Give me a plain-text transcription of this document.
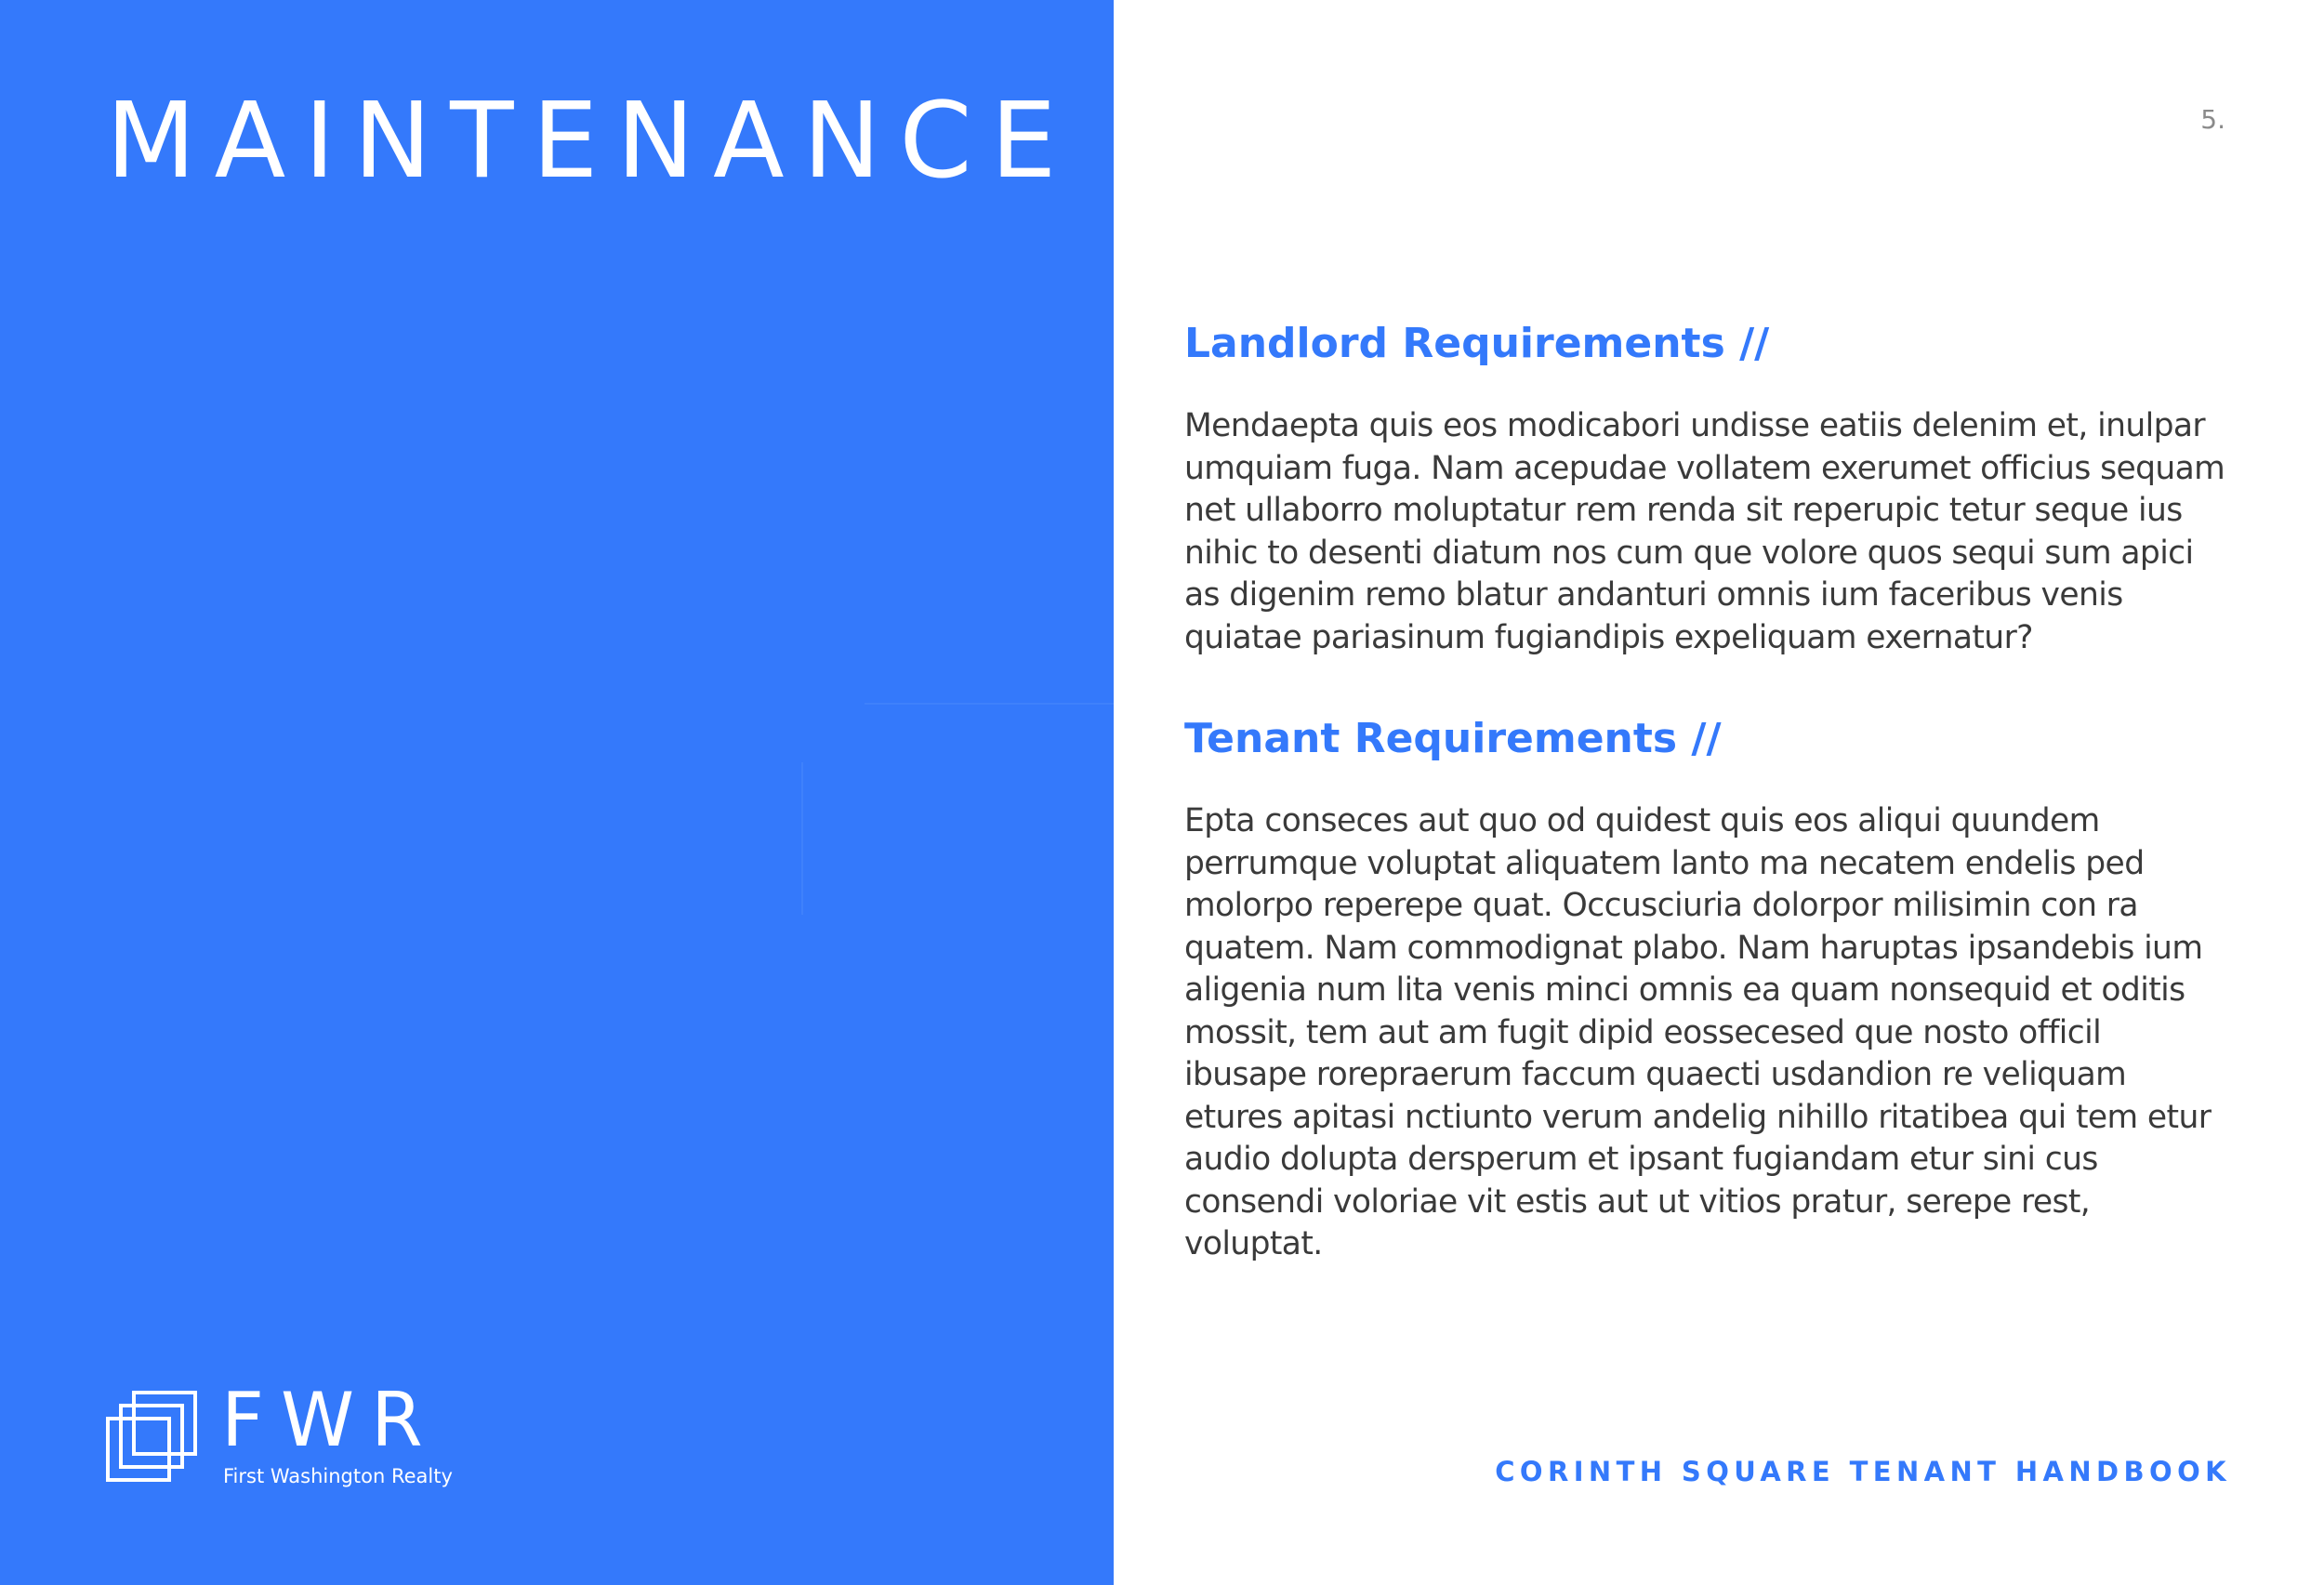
MAINTENANCE
FWR
First Washington Realty
5.
Landlord Requirements //

Mendaepta quis eos modicabori undisse eatiis delenim et, inulpar umquiam fuga. Nam acepudae vollatem exerumet officius sequam net ullaborro moluptatur rem renda sit reperupic tetur seque ius nihic to desenti diatum nos cum que volore quos sequi sum apici as digenim remo blatur andanturi omnis ium faceribus venis quiatae pariasinum fugiandipis expeliquam exernatur?

Tenant Requirements //

Epta conseces aut quo od quidest quis eos aliqui quundem perrumque voluptat aliquatem lanto ma necatem endelis ped molorpo reperepe quat. Occusciuria dolorpor milisimin con ra quatem. Nam commodignat plabo. Nam haruptas ipsandebis ium aligenia num lita venis minci omnis ea quam nonsequid et oditis mossit, tem aut am fugit dipid eossecesed que nosto officil ibusape rorepraerum faccum quaecti usdandion re veliquam etures apitasi nctiunto verum andelig nihillo ritatibea qui tem etur audio dolupta dersperum et ipsant fugiandam etur sini cus consendi voloriae vit estis aut ut vitios pratur, serepe rest, voluptat.

CORINTH SQUARE TENANT HANDBOOK
